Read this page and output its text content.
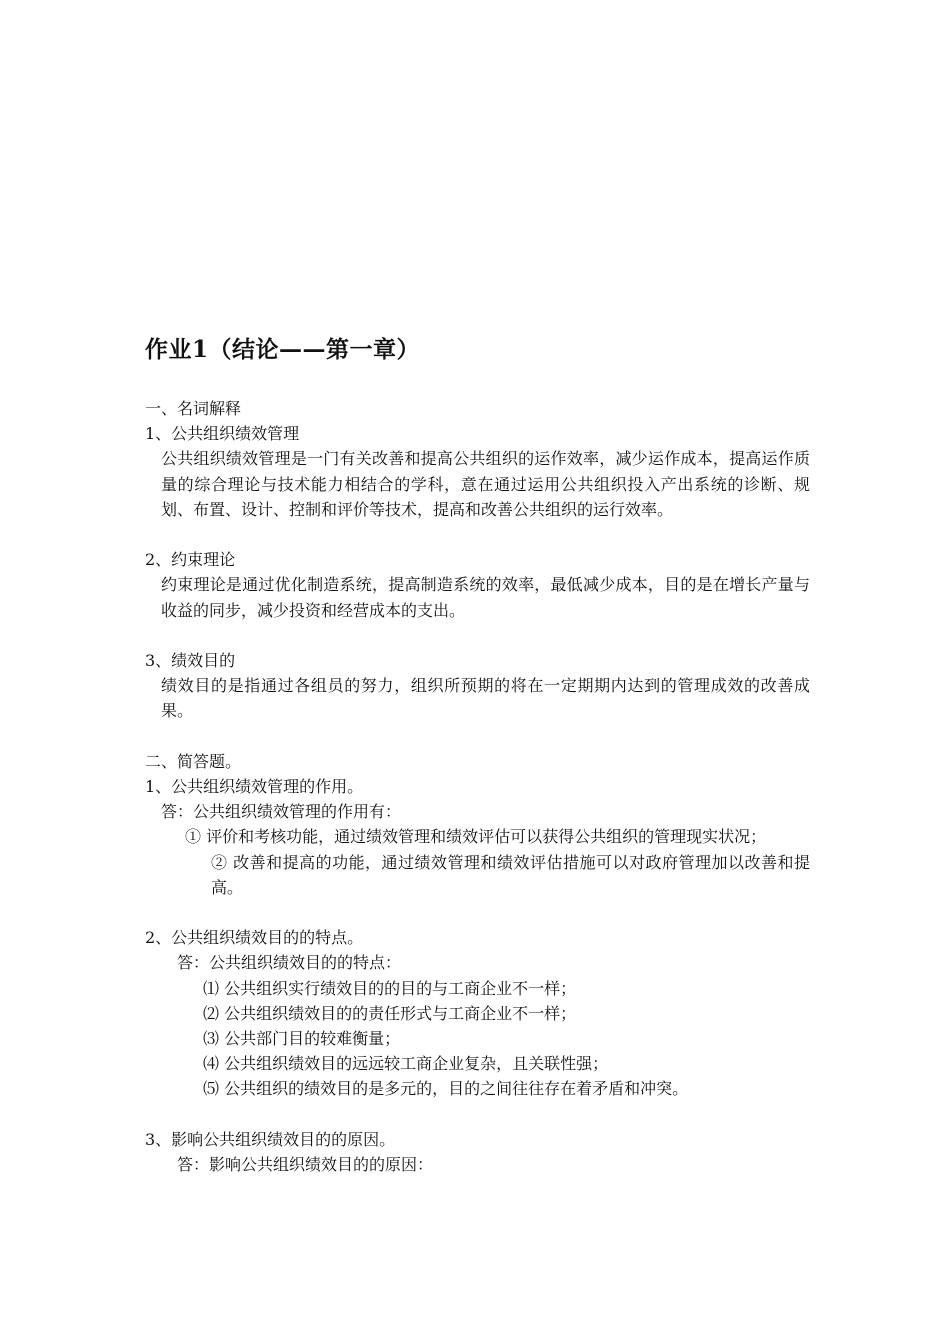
作业1（结论——第一章）
一、名词解释
1、公共组织绩效管理
公共组织绩效管理是一门有关改善和提高公共组织的运作效率，减少运作成本，提高运作质量的综合理论与技术能力相结合的学科，意在通过运用公共组织投入产出系统的诊断、规划、布置、设计、控制和评价等技术，提高和改善公共组织的运行效率。
2、约束理论
约束理论是通过优化制造系统，提高制造系统的效率，最低减少成本，目的是在增长产量与收益的同步，减少投资和经营成本的支出。
3、绩效目的
绩效目的是指通过各组员的努力，组织所预期的将在一定期期内达到的管理成效的改善成果。
二、简答题。
1、公共组织绩效管理的作用。
答：公共组织绩效管理的作用有：
① 评价和考核功能，通过绩效管理和绩效评估可以获得公共组织的管理现实状况；
② 改善和提高的功能，通过绩效管理和绩效评估措施可以对政府管理加以改善和提高。
2、公共组织绩效目的的特点。
答：公共组织绩效目的的特点：
⑴ 公共组织实行绩效目的的目的与工商企业不一样；
⑵ 公共组织绩效目的的责任形式与工商企业不一样；
⑶ 公共部门目的较难衡量；
⑷ 公共组织绩效目的远远较工商企业复杂，且关联性强；
⑸ 公共组织的绩效目的是多元的，目的之间往往存在着矛盾和冲突。
3、影响公共组织绩效目的的原因。
答：影响公共组织绩效目的的原因：
